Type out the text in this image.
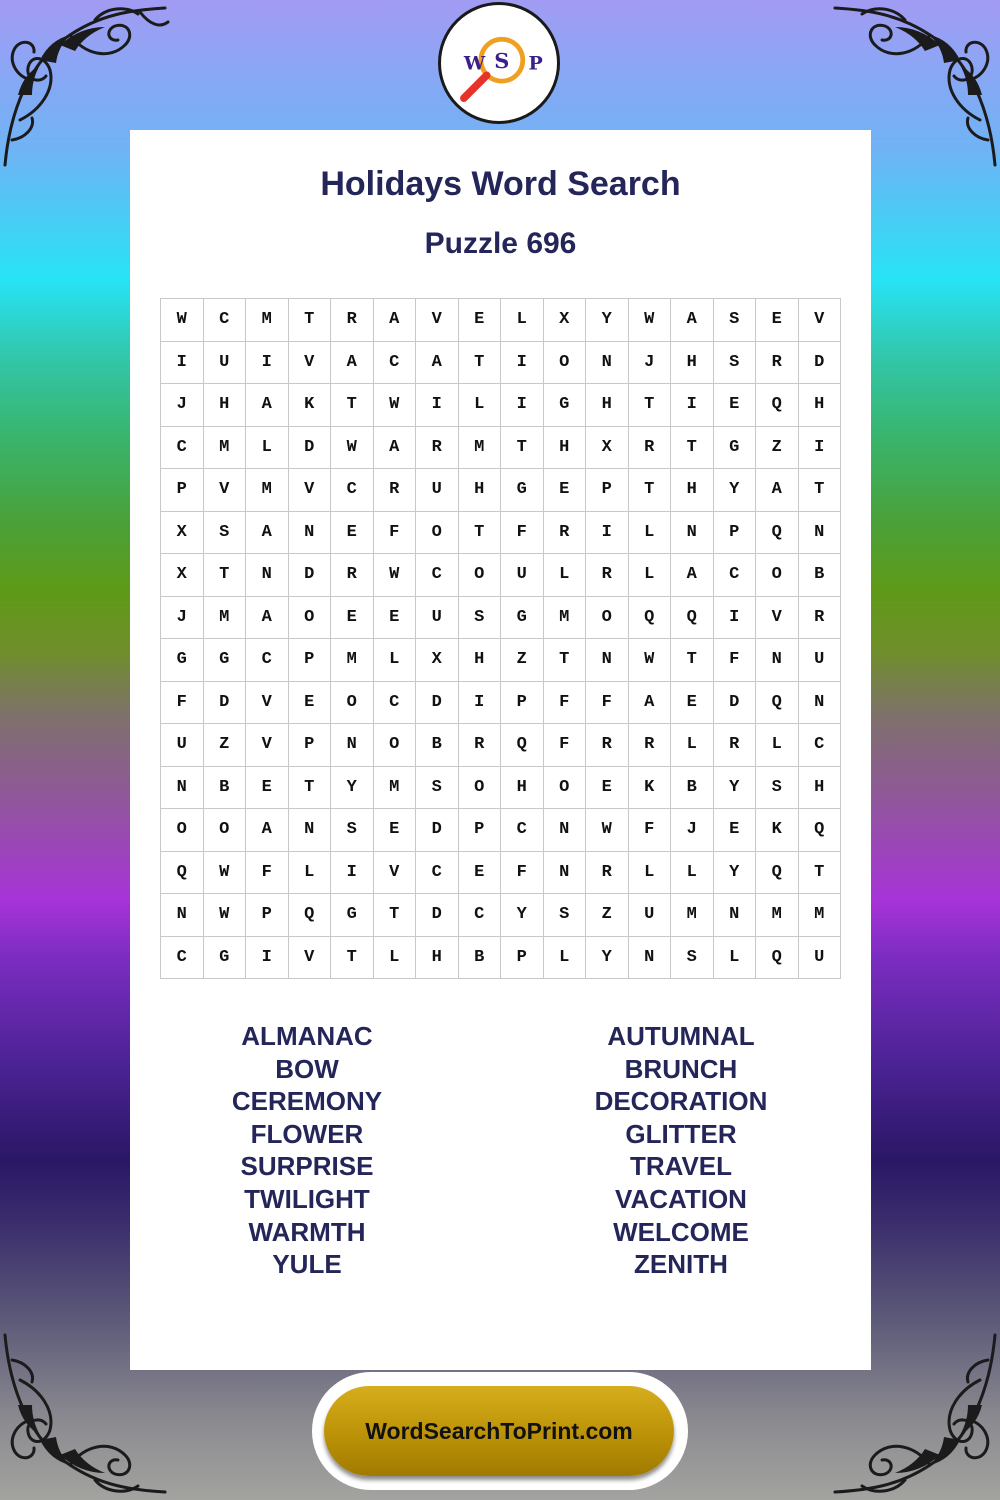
W S P
Holidays Word Search
Puzzle 696
W	C	M	T	R	A	V	E	L	X	Y	W	A	S	E	V
I	U	I	V	A	C	A	T	I	O	N	J	H	S	R	D
J	H	A	K	T	W	I	L	I	G	H	T	I	E	Q	H
C	M	L	D	W	A	R	M	T	H	X	R	T	G	Z	I
P	V	M	V	C	R	U	H	G	E	P	T	H	Y	A	T
X	S	A	N	E	F	O	T	F	R	I	L	N	P	Q	N
X	T	N	D	R	W	C	O	U	L	R	L	A	C	O	B
J	M	A	O	E	E	U	S	G	M	O	Q	Q	I	V	R
G	G	C	P	M	L	X	H	Z	T	N	W	T	F	N	U
F	D	V	E	O	C	D	I	P	F	F	A	E	D	Q	N
U	Z	V	P	N	O	B	R	Q	F	R	R	L	R	L	C
N	B	E	T	Y	M	S	O	H	O	E	K	B	Y	S	H
O	O	A	N	S	E	D	P	C	N	W	F	J	E	K	Q
Q	W	F	L	I	V	C	E	F	N	R	L	L	Y	Q	T
N	W	P	Q	G	T	D	C	Y	S	Z	U	M	N	M	M
C	G	I	V	T	L	H	B	P	L	Y	N	S	L	Q	U
ALMANAC
BOW
CEREMONY
FLOWER
SURPRISE
TWILIGHT
WARMTH
YULE
AUTUMNAL
BRUNCH
DECORATION
GLITTER
TRAVEL
VACATION
WELCOME
ZENITH
WordSearchToPrint.com
